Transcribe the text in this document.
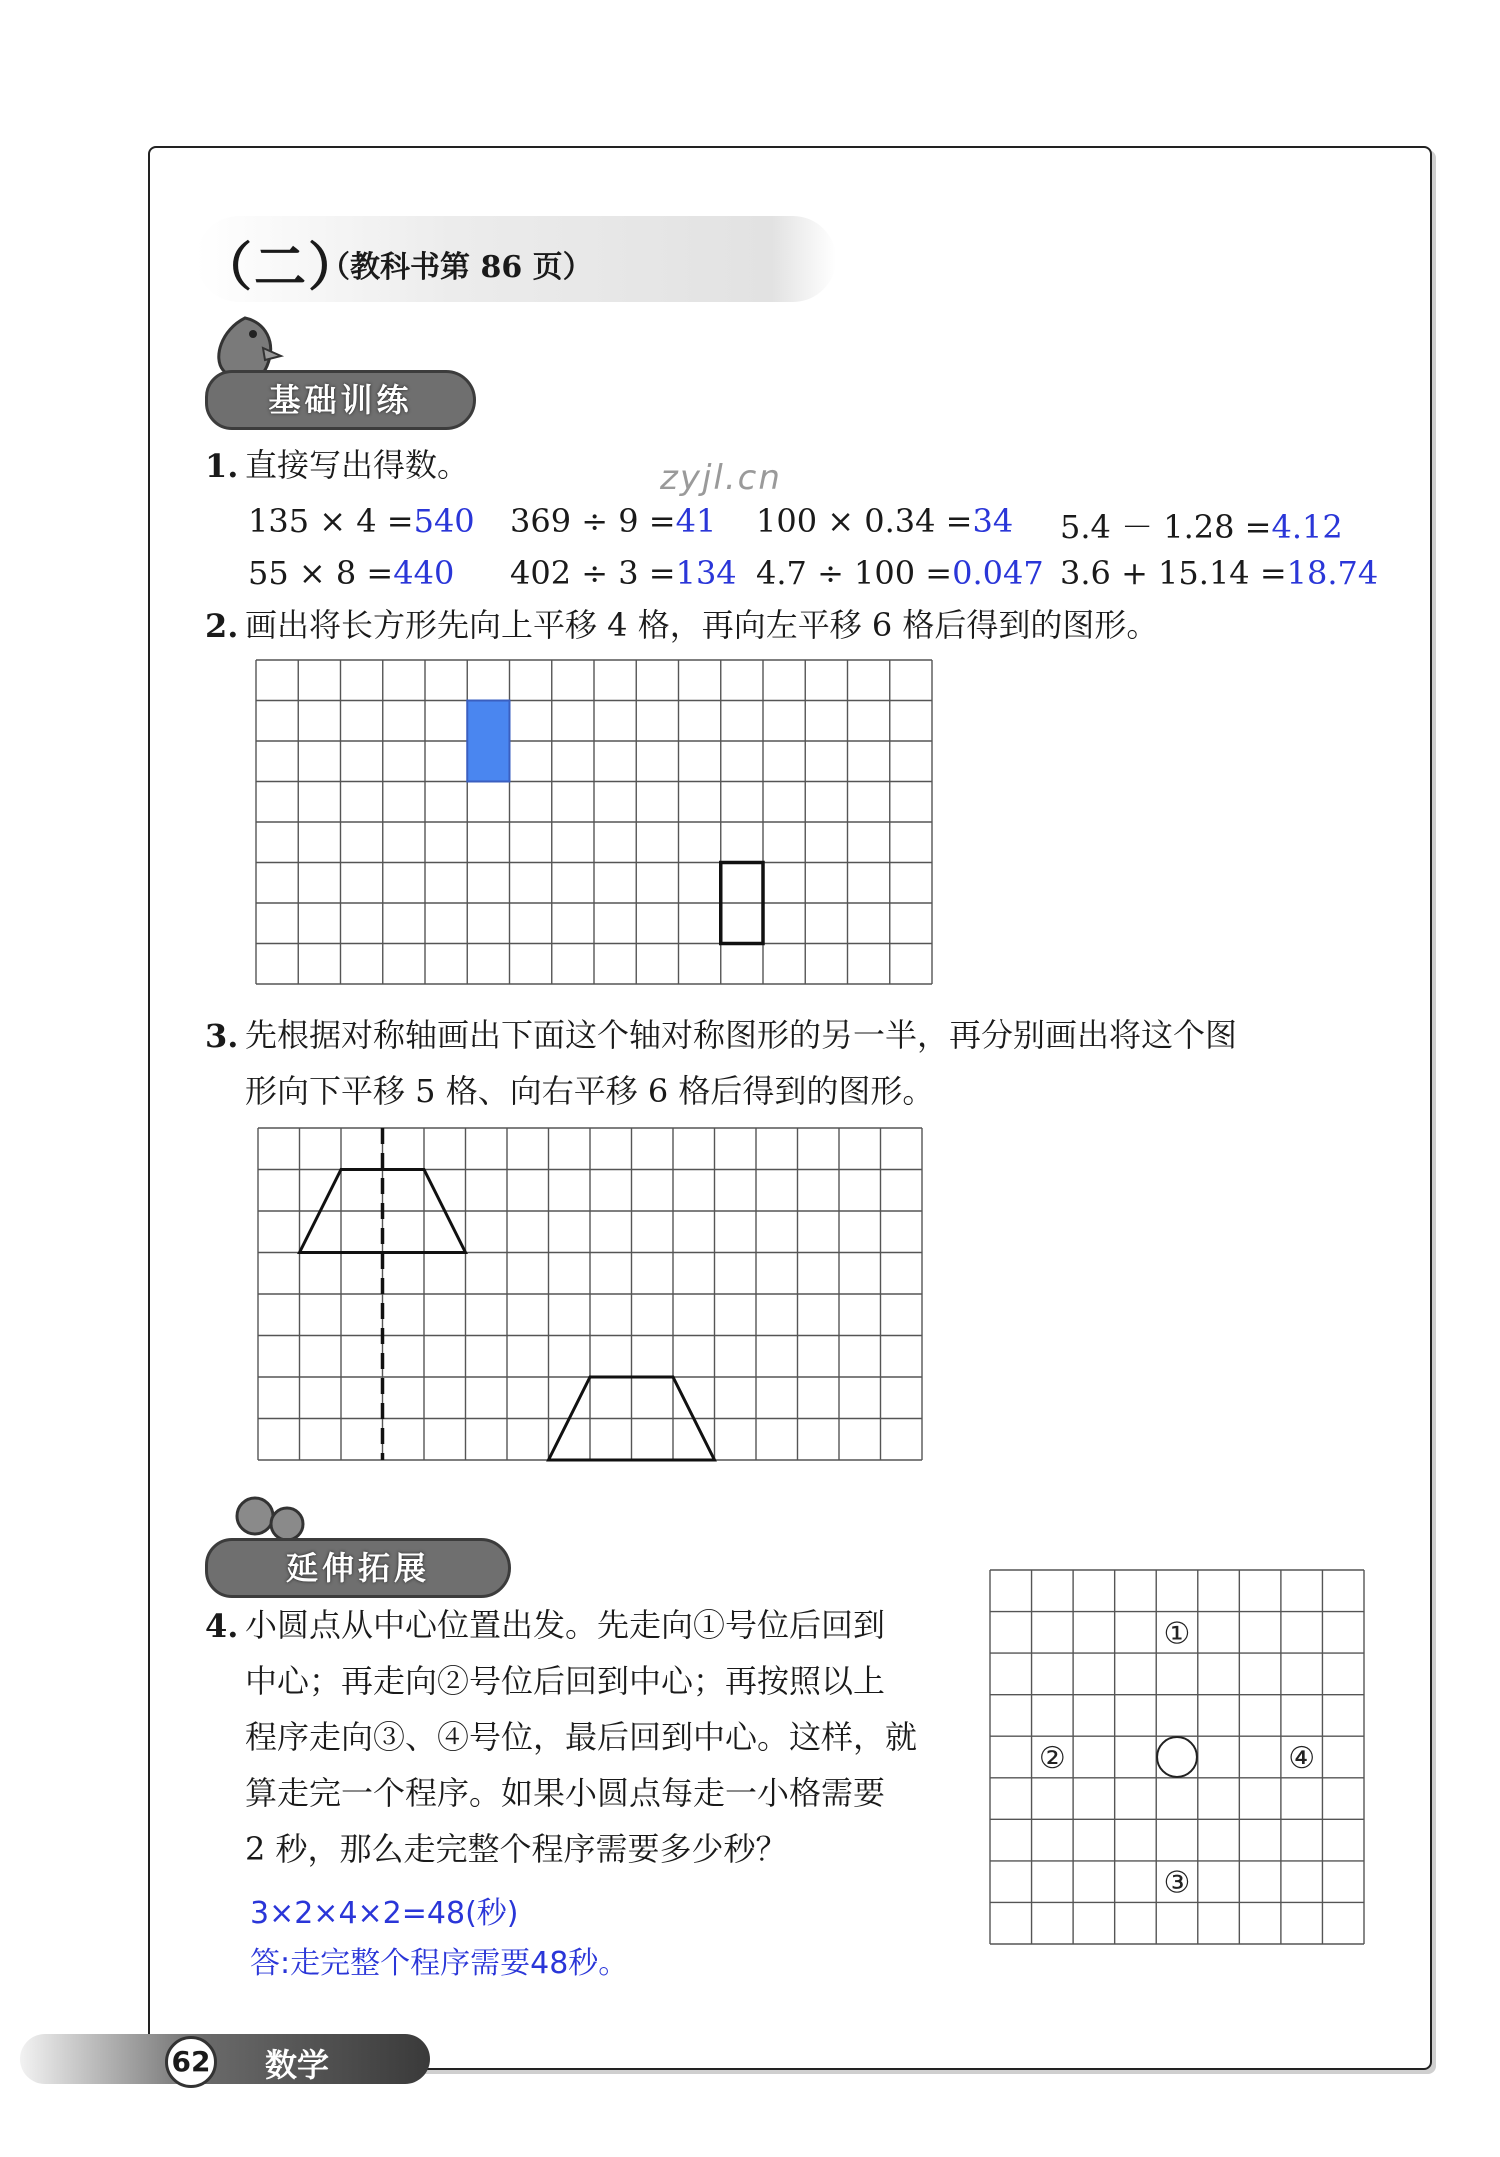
（二）
（教科书第 86 页）
基础训练
1. 直接写出得数。	zyjl.cn
135 × 4 =540 369 ÷ 9 =41 100 × 0.34 =34 5.4 － 1.28 =4.12
55 × 8 =440 402 ÷ 3 =134 4.7 ÷ 100 =0.047 3.6 + 15.14 =18.74
2. 画出将长方形先向上平移 4 格，再向左平移 6 格后得到的图形。
3. 先根据对称轴画出下面这个轴对称图形的另一半，再分别画出将这个图
形向下平移 5 格、向右平移 6 格后得到的图形。
延伸拓展
4. 小圆点从中心位置出发。先走向①号位后回到
中心；再走向②号位后回到中心；再按照以上
程序走向③、④号位，最后回到中心。这样，就
算走完一个程序。如果小圆点每走一小格需要
2 秒，那么走完整个程序需要多少秒？
3×2×4×2=48(秒)
答:走完整个程序需要48秒。
①
②
③
④
62 数学
